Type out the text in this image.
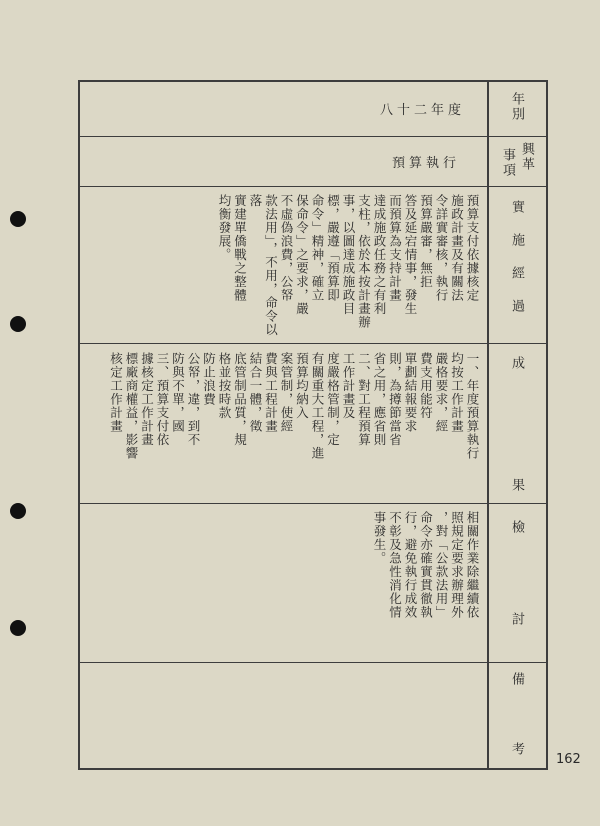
八十二年度	年別
預算執行	興革
事項
實施經過
成
果
檢
討
備
考
預算支付依據核定
施政計畫及有關法
令詳實審核，執行
預算嚴審，無拒
答及延宕情事，發生
而預算為支持計畫
達成施政任務之有利
支柱，依於本按計畫辦
事，以圖達成施政目
標，嚴遵「預算即
命令」精神，確立
保命令」之要求，嚴
不虛偽浪費，公帑
款法用」，不用，命令以落
實建單僑戰之整體
均衡發展。
一、年度預算執行
均按工作計畫
嚴格要求，經
費支用能符
單劃結報要求
則，為撙節當省
省之用，應省則
二、對工程預算
工作計畫及
度嚴格管制，定
有關重大工程，進
預算均納入
案管制，使經
費與工程計畫
結合一體，徵
底管制品質，規
格並按時款
防止浪費
公帑，違，到不
防與不單，國
三、預算支付依
據核定工作計畫
標廠商權益，影響
核定工作計畫
相關作業除繼續依
照規定要求辦理外
，對「公款法用」
命令亦確實貫徹執
行，避免執行成效
不彰及急性消化情
事發生。
162
